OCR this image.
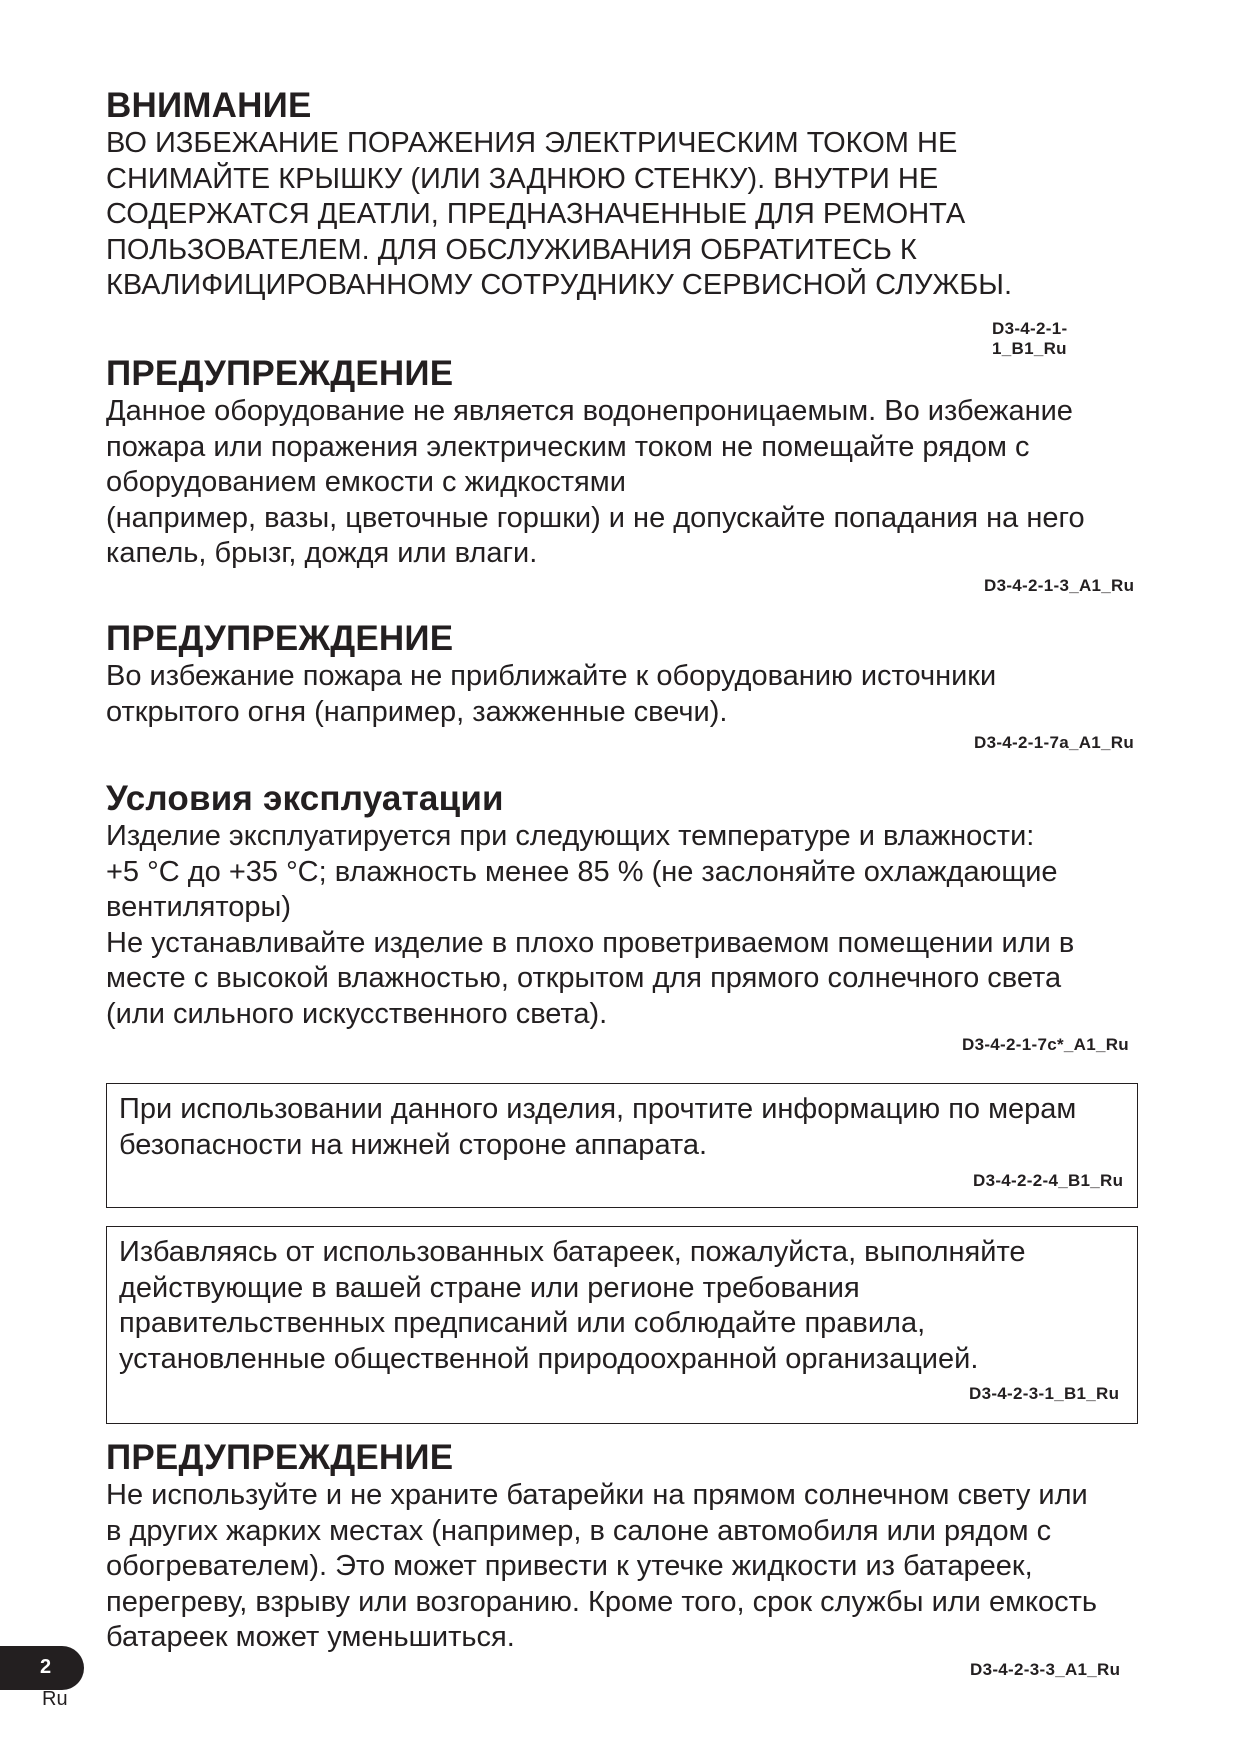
ВНИМАНИЕ

ВО ИЗБЕЖАНИЕ ПОРАЖЕНИЯ ЭЛЕКТРИЧЕСКИМ ТОКОМ НЕ
СНИМАЙТЕ КРЫШКУ (ИЛИ ЗАДНЮЮ СТЕНКУ). ВНУТРИ НЕ
СОДЕРЖАТСЯ ДЕАТЛИ, ПРЕДНАЗНАЧЕННЫЕ ДЛЯ РЕМОНТА
ПОЛЬЗОВАТЕЛЕМ. ДЛЯ ОБСЛУЖИВАНИЯ ОБРАТИТЕСЬ К
КВАЛИФИЦИРОВАННОМУ СОТРУДНИКУ СЕРВИСНОЙ СЛУЖБЫ.

D3-4-2-1-1_B1_Ru
ПРЕДУПРЕЖДЕНИЕ

Данное оборудование не является водонепроницаемым. Во избежание
пожара или поражения электрическим током не помещайте рядом с
оборудованием емкости с жидкостями
(например, вазы, цветочные горшки) и не допускайте попадания на него
капель, брызг, дождя или влаги.

D3-4-2-1-3_A1_Ru
ПРЕДУПРЕЖДЕНИЕ

Во избежание пожара не приближайте к оборудованию источники
открытого огня (например, зажженные свечи).

D3-4-2-1-7a_A1_Ru
Условия эксплуатации

Изделие эксплуатируется при следующих температуре и влажности:
+5 °C до +35 °C; влажность менее 85 % (не заслоняйте охлаждающие
вентиляторы)
Не устанавливайте изделие в плохо проветриваемом помещении или в
месте с высокой влажностью, открытом для прямого солнечного света
(или сильного искусственного света).

D3-4-2-1-7c*_A1_Ru

При использовании данного изделия, прочтите информацию по мерам
безопасности на нижней стороне аппарата.

D3-4-2-2-4_B1_Ru

Избавляясь от использованных батареек, пожалуйста, выполняйте
действующие в вашей стране или регионе требования
правительственных предписаний или соблюдайте правила,
установленные общественной природоохранной организацией.

D3-4-2-3-1_B1_Ru
ПРЕДУПРЕЖДЕНИЕ

Не используйте и не храните батарейки на прямом солнечном свету или
в других жарких местах (например, в салоне автомобиля или рядом с
обогревателем). Это может привести к утечке жидкости из батареек,
перегреву, взрыву или возгоранию. Кроме того, срок службы или емкость
батареек может уменьшиться.

D3-4-2-3-3_A1_Ru
2
Ru
